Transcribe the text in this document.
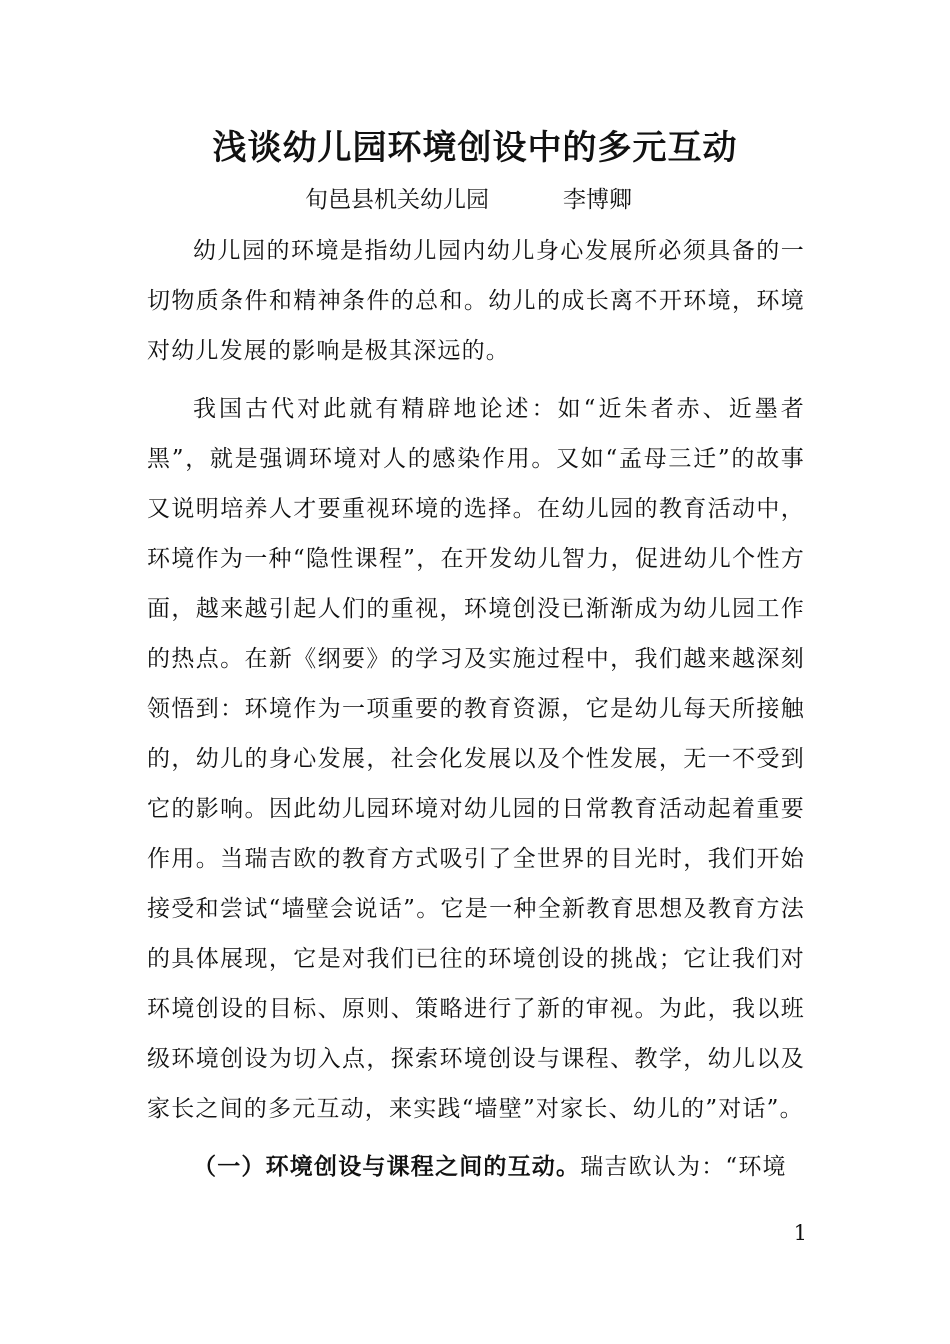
浅谈幼儿园环境创设中的多元互动
旬邑县机关幼儿园	李博卿

幼儿园的环境是指幼儿园内幼儿身心发展所必须具备的一切物质条件和精神条件的总和。幼儿的成长离不开环境，环境对幼儿发展的影响是极其深远的。

我国古代对此就有精辟地论述：如“近朱者赤、近墨者黑”，就是强调环境对人的感染作用。又如“孟母三迁”的故事又说明培养人才要重视环境的选择。在幼儿园的教育活动中，环境作为一种“隐性课程”，在开发幼儿智力，促进幼儿个性方面，越来越引起人们的重视，环境创没已渐渐成为幼儿园工作的热点。在新《纲要》的学习及实施过程中，我们越来越深刻领悟到：环境作为一项重要的教育资源，它是幼儿每天所接触的，幼儿的身心发展，社会化发展以及个性发展，无一不受到它的影响。因此幼儿园环境对幼儿园的日常教育活动起着重要作用。当瑞吉欧的教育方式吸引了全世界的目光时，我们开始接受和尝试“墙壁会说话”。它是一种全新教育思想及教育方法的具体展现，它是对我们已往的环境创设的挑战；它让我们对环境创设的目标、原则、策略进行了新的审视。为此，我以班级环境创设为切入点，探索环境创设与课程、教学，幼儿以及家长之间的多元互动，来实践“墙壁”对家长、幼儿的”对话”。

（一）环境创设与课程之间的互动。瑞吉欧认为：“环境

1
